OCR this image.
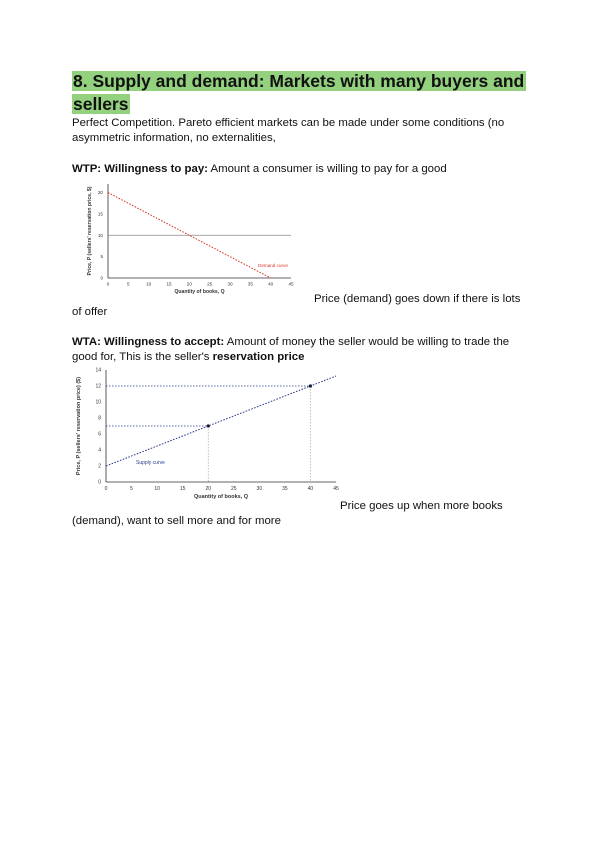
8. Supply and demand: Markets with many buyers and sellers
Perfect Competition. Pareto efficient markets can be made under some conditions (no asymmetric information, no externalities,
WTP: Willingness to pay: Amount a consumer is willing to pay for a good
0	5	10	15	20	25	30	35	40	45
0
5
10
15
20
Quantity of books, Q
Price, P (sellers' reservation price, $)	Demand curve
Price (demand) goes down if there is lots
of offer
WTA: Willingness to accept: Amount of money the seller would be willing to trade the good for, This is the seller's reservation price
0	5	10	15	20	25	30	35	40	45
0
2
4
6
8
10
12
14
Quantity of books, Q
Price, P (sellers' reservation price) ($)	Supply curve
Price goes up when more books
(demand), want to sell more and for more
